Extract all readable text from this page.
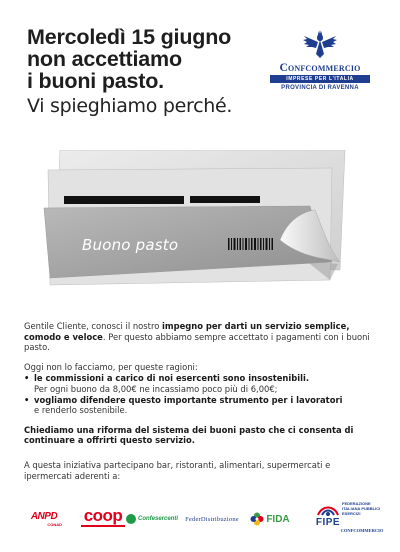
Mercoledì 15 giugno
non accettiamo
i buoni pasto.
Vi spieghiamo perché.
Confcommercio
IMPRESE PER L'ITALIA
PROVINCIA DI RAVENNA
Buono pasto

Gentile Cliente, conosci il nostro impegno per darti un servizio semplice, comodo e veloce. Per questo abbiamo sempre accettato i pagamenti con i buoni pasto.

Oggi non lo facciamo, per queste ragioni:

• le commissioni a carico di noi esercenti sono insostenibili.
Per ogni buono da 8,00€ ne incassiamo poco più di 6,00€;
• vogliamo difendere questo importante strumento per i lavoratori
e renderlo sostenibile.

Chiediamo una riforma del sistema dei buoni pasto che ci consenta di continuare a offrirti questo servizio.

A questa iniziativa partecipano bar, ristoranti, alimentari, supermercati e ipermercati aderenti a:

ANPD
CONAD coop	Confesercenti FederDistribuzione	FIDA	FIPE
FEDERAZIONE ITALIANA PUBBLICI ESERCIZI
CONFCOMMERCIO
